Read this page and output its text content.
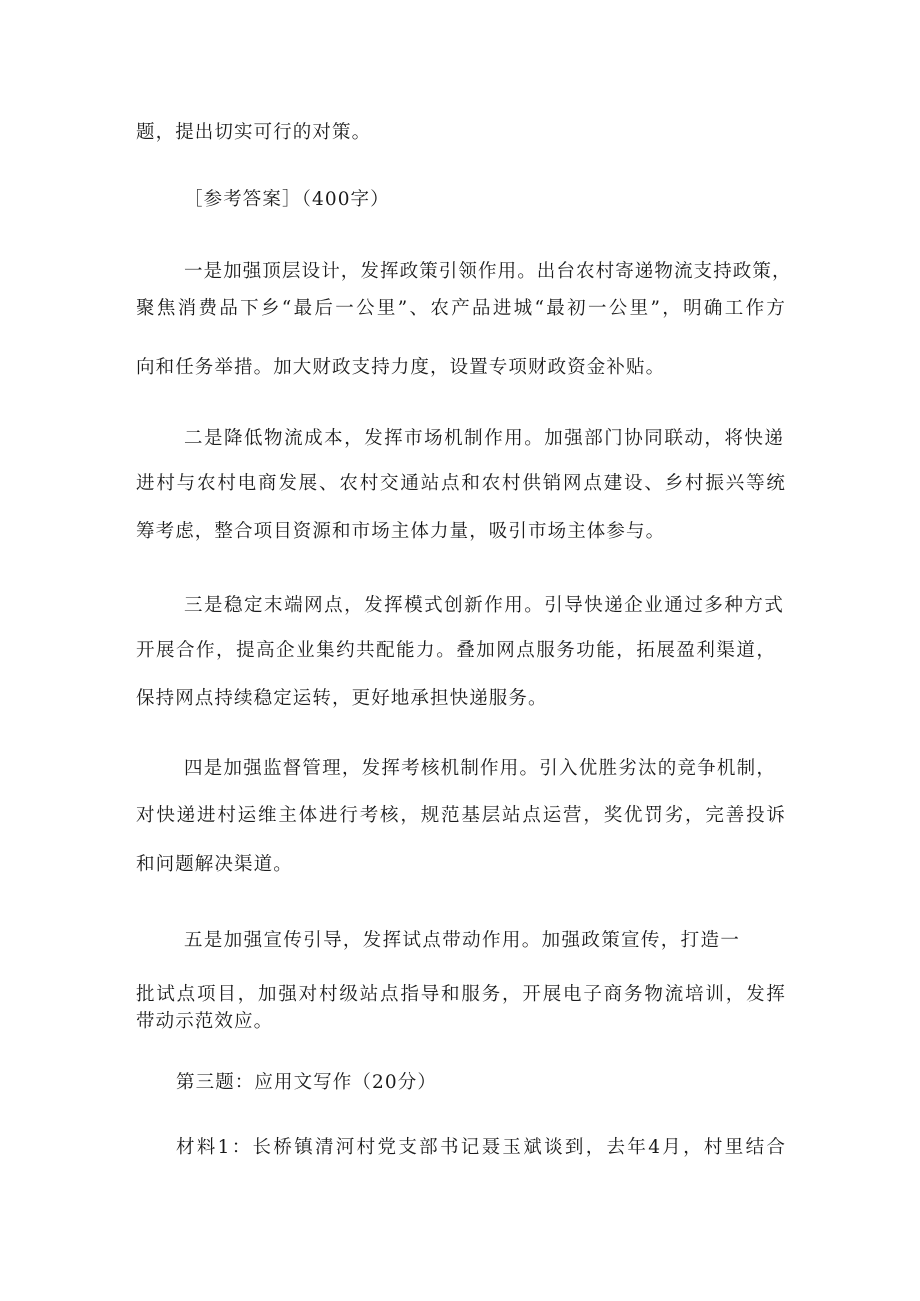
题，提出切实可行的对策。
［参考答案］（400字）
一是加强顶层设计，发挥政策引领作用。出台农村寄递物流支持政策，
聚焦消费品下乡“最后一公里”、农产品进城“最初一公里”，明确工作方
向和任务举措。加大财政支持力度，设置专项财政资金补贴。
二是降低物流成本，发挥市场机制作用。加强部门协同联动，将快递
进村与农村电商发展、农村交通站点和农村供销网点建设、乡村振兴等统
筹考虑，整合项目资源和市场主体力量，吸引市场主体参与。
三是稳定末端网点，发挥模式创新作用。引导快递企业通过多种方式
开展合作，提高企业集约共配能力。叠加网点服务功能，拓展盈利渠道，
保持网点持续稳定运转，更好地承担快递服务。
四是加强监督管理，发挥考核机制作用。引入优胜劣汰的竞争机制，
对快递进村运维主体进行考核，规范基层站点运营，奖优罚劣，完善投诉
和问题解决渠道。
五是加强宣传引导，发挥试点带动作用。加强政策宣传，打造一
批试点项目，加强对村级站点指导和服务，开展电子商务物流培训，发挥
带动示范效应。
第三题：应用文写作（20分）
材料1：长桥镇清河村党支部书记聂玉斌谈到，去年4月，村里结合
